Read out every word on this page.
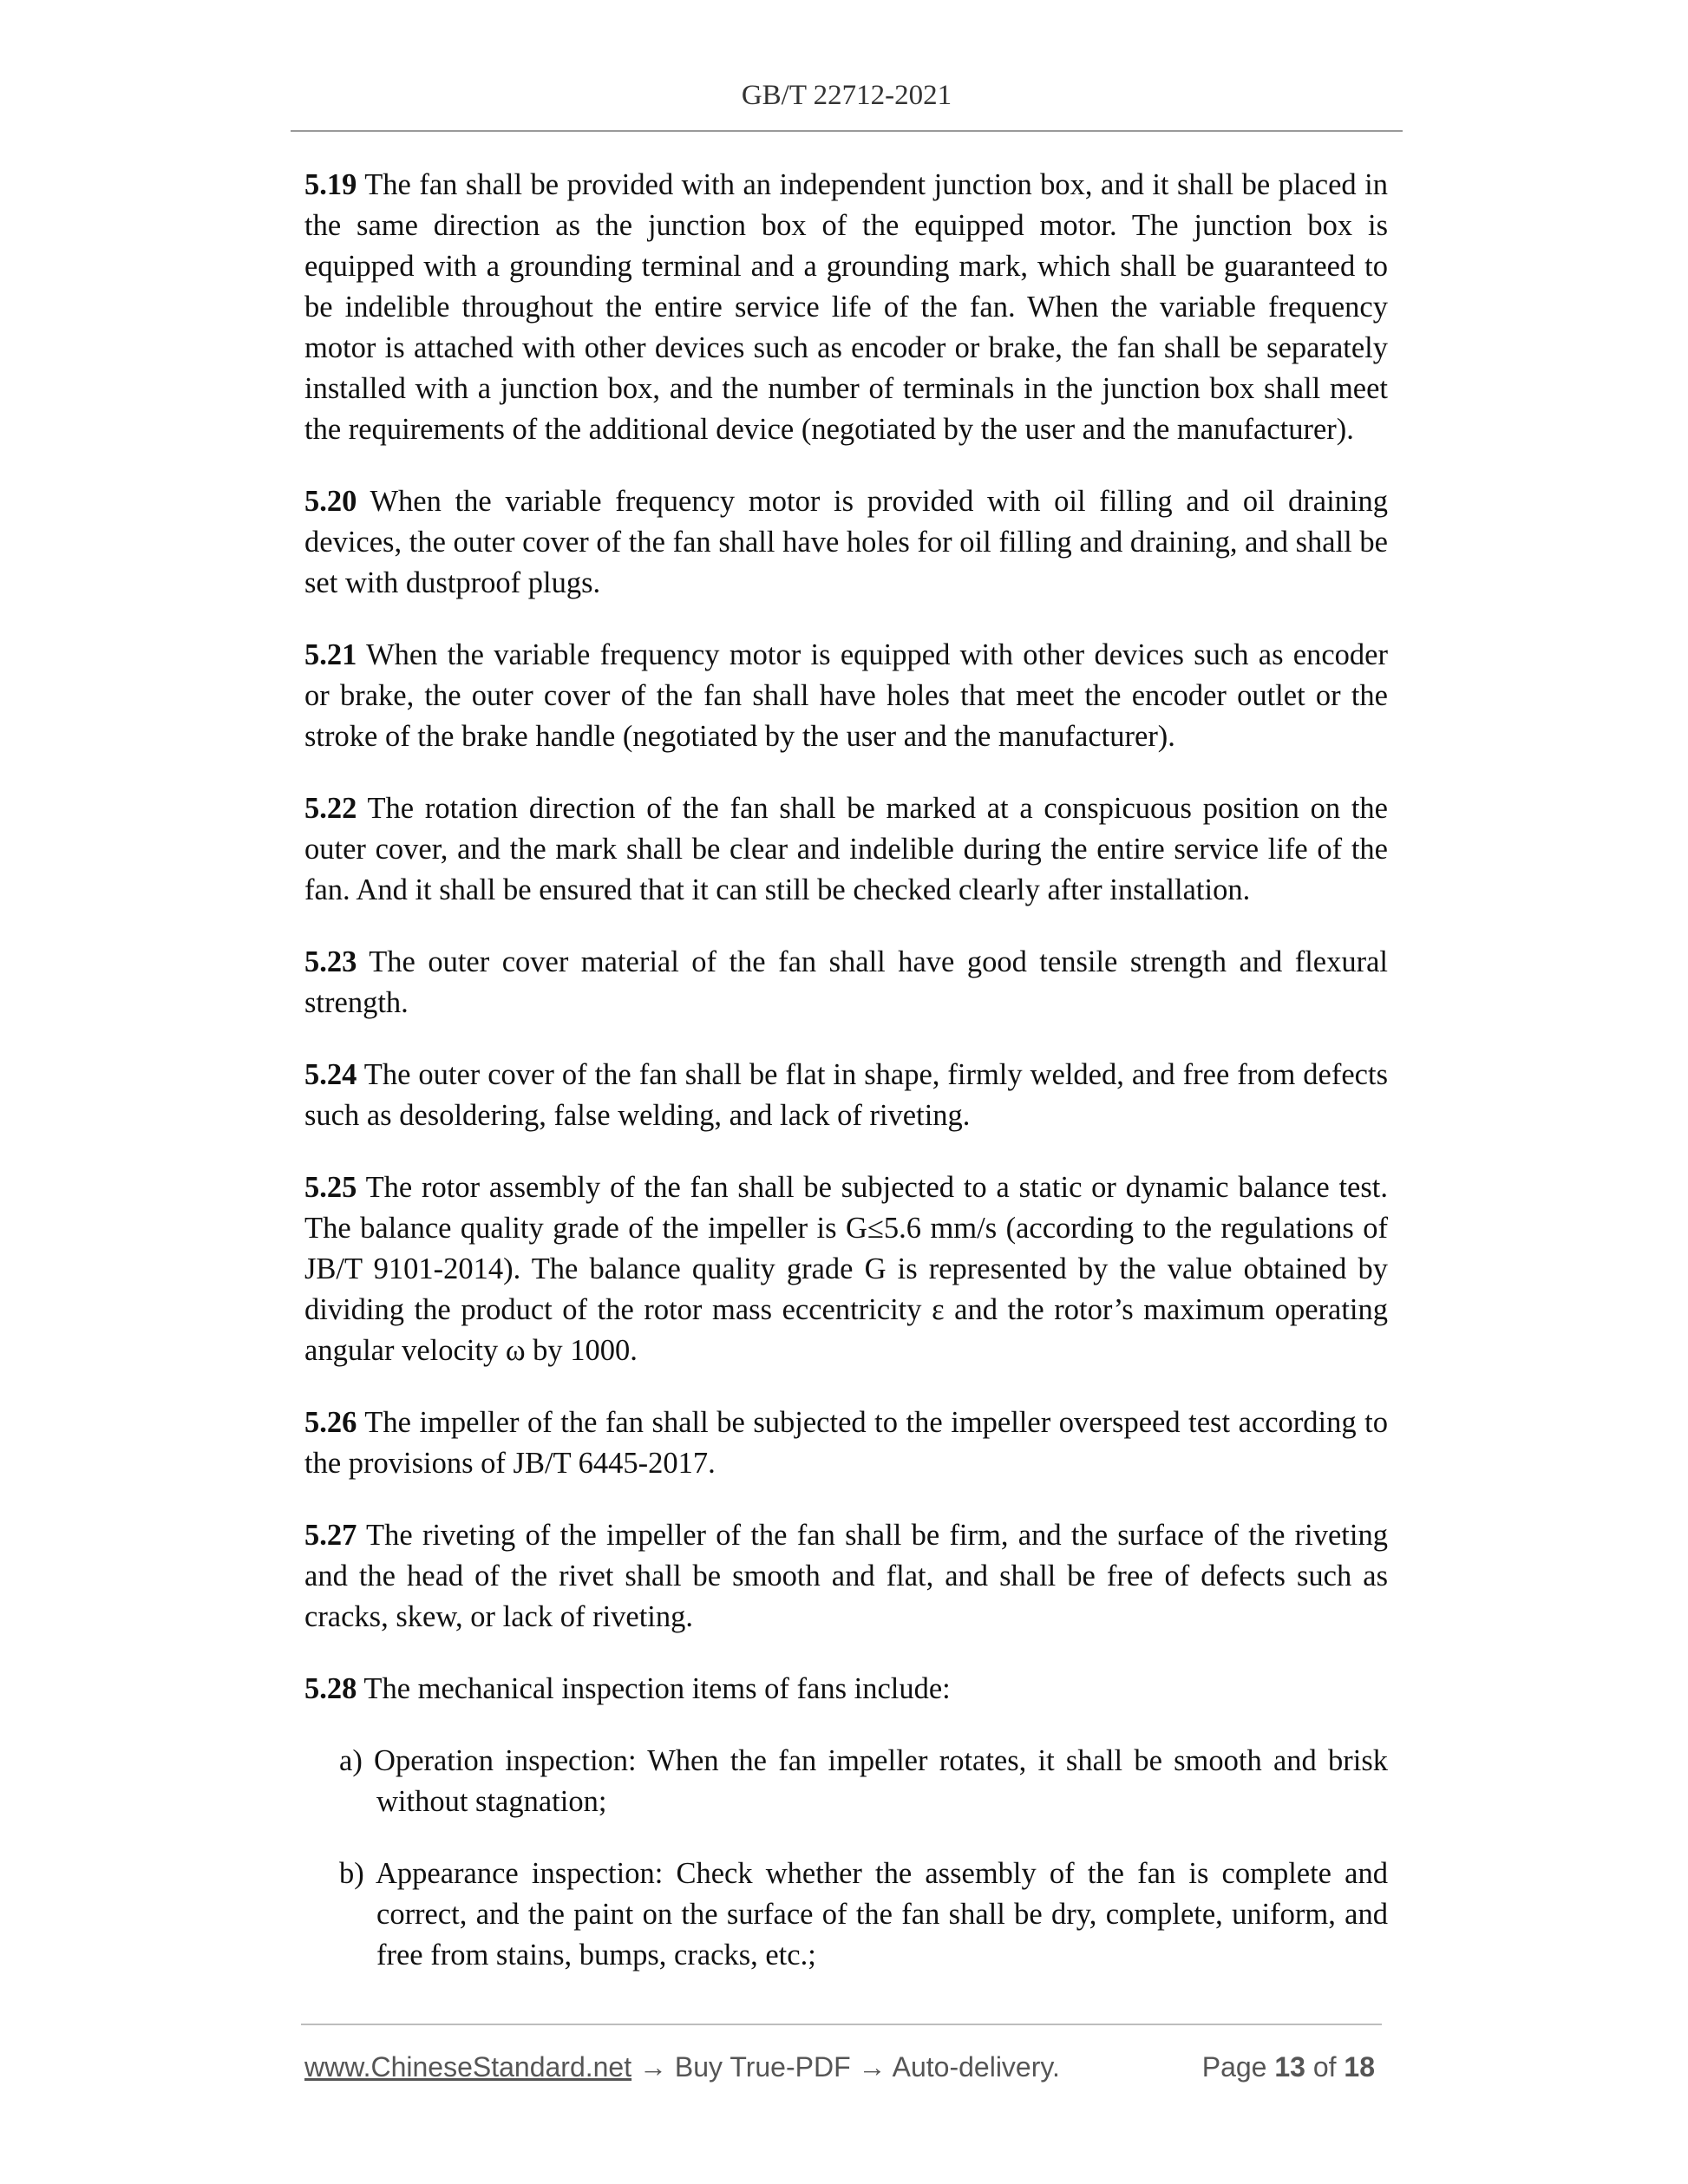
GB/T 22712-2021

5.19 The fan shall be provided with an independent junction box, and it shall be placed in the same direction as the junction box of the equipped motor. The junction box is equipped with a grounding terminal and a grounding mark, which shall be guaranteed to be indelible throughout the entire service life of the fan. When the variable frequency motor is attached with other devices such as encoder or brake, the fan shall be separately installed with a junction box, and the number of terminals in the junction box shall meet the requirements of the additional device (negotiated by the user and the manufacturer).

5.20 When the variable frequency motor is provided with oil filling and oil draining devices, the outer cover of the fan shall have holes for oil filling and draining, and shall be set with dustproof plugs.

5.21 When the variable frequency motor is equipped with other devices such as encoder or brake, the outer cover of the fan shall have holes that meet the encoder outlet or the stroke of the brake handle (negotiated by the user and the manufacturer).

5.22 The rotation direction of the fan shall be marked at a conspicuous position on the outer cover, and the mark shall be clear and indelible during the entire service life of the fan. And it shall be ensured that it can still be checked clearly after installation.

5.23 The outer cover material of the fan shall have good tensile strength and flexural strength.

5.24 The outer cover of the fan shall be flat in shape, firmly welded, and free from defects such as desoldering, false welding, and lack of riveting.

5.25 The rotor assembly of the fan shall be subjected to a static or dynamic balance test. The balance quality grade of the impeller is G≤5.6 mm/s (according to the regulations of JB/T 9101-2014). The balance quality grade G is represented by the value obtained by dividing the product of the rotor mass eccentricity ε and the rotor’s maximum operating angular velocity ω by 1000.

5.26 The impeller of the fan shall be subjected to the impeller overspeed test according to the provisions of JB/T 6445-2017.

5.27 The riveting of the impeller of the fan shall be firm, and the surface of the riveting and the head of the rivet shall be smooth and flat, and shall be free of defects such as cracks, skew, or lack of riveting.

5.28 The mechanical inspection items of fans include:

a) Operation inspection: When the fan impeller rotates, it shall be smooth and brisk without stagnation;

b) Appearance inspection: Check whether the assembly of the fan is complete and correct, and the paint on the surface of the fan shall be dry, complete, uniform, and free from stains, bumps, cracks, etc.;

www.ChineseStandard.net → Buy True-PDF → Auto-delivery.	Page 13 of 18
